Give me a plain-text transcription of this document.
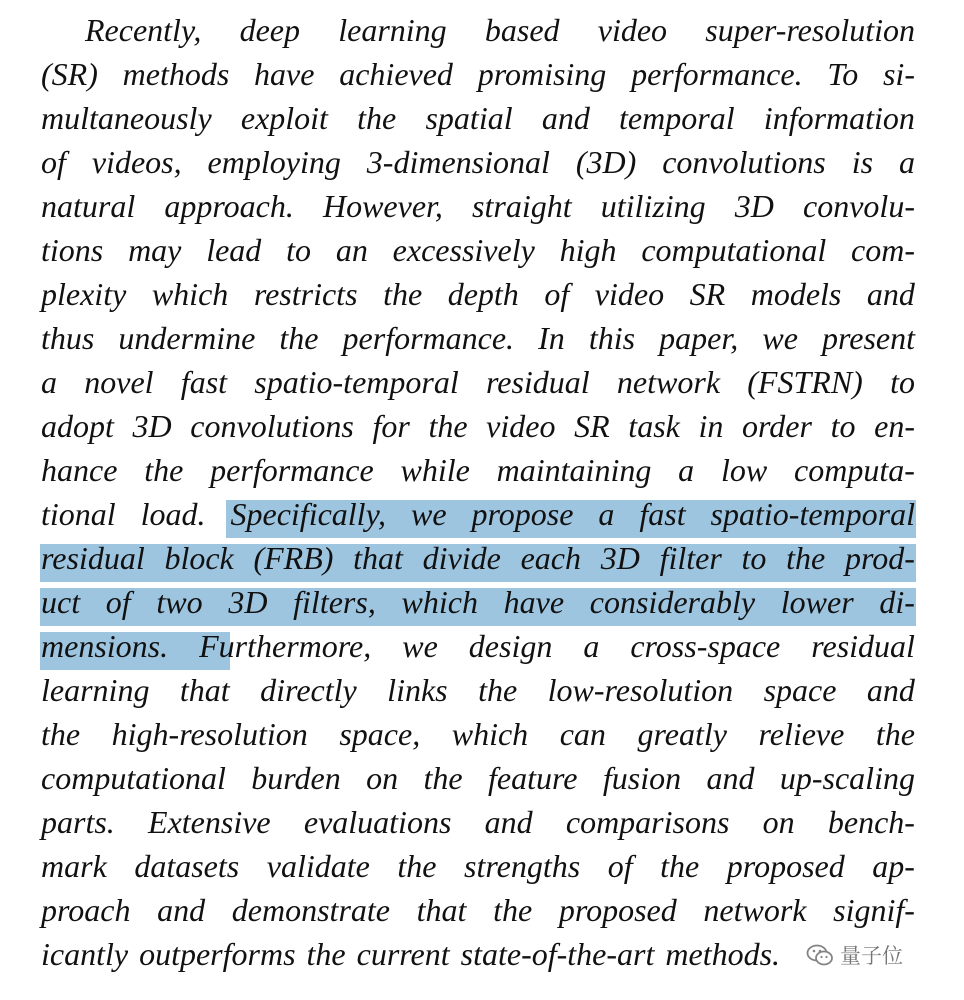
Recently, deep learning based video super-resolution
(SR) methods have achieved promising performance. To si-
multaneously exploit the spatial and temporal information
of videos, employing 3-dimensional (3D) convolutions is a
natural approach. However, straight utilizing 3D convolu-
tions may lead to an excessively high computational com-
plexity which restricts the depth of video SR models and
thus undermine the performance. In this paper, we present
a novel fast spatio-temporal residual network (FSTRN) to
adopt 3D convolutions for the video SR task in order to en-
hance the performance while maintaining a low computa-
tional load. Specifically, we propose a fast spatio-temporal
residual block (FRB) that divide each 3D filter to the prod-
uct of two 3D filters, which have considerably lower di-
mensions. Furthermore, we design a cross-space residual
learning that directly links the low-resolution space and
the high-resolution space, which can greatly relieve the
computational burden on the feature fusion and up-scaling
parts. Extensive evaluations and comparisons on bench-
mark datasets validate the strengths of the proposed ap-
proach and demonstrate that the proposed network signif-
icantly outperforms the current state-of-the-art methods.	量子位
